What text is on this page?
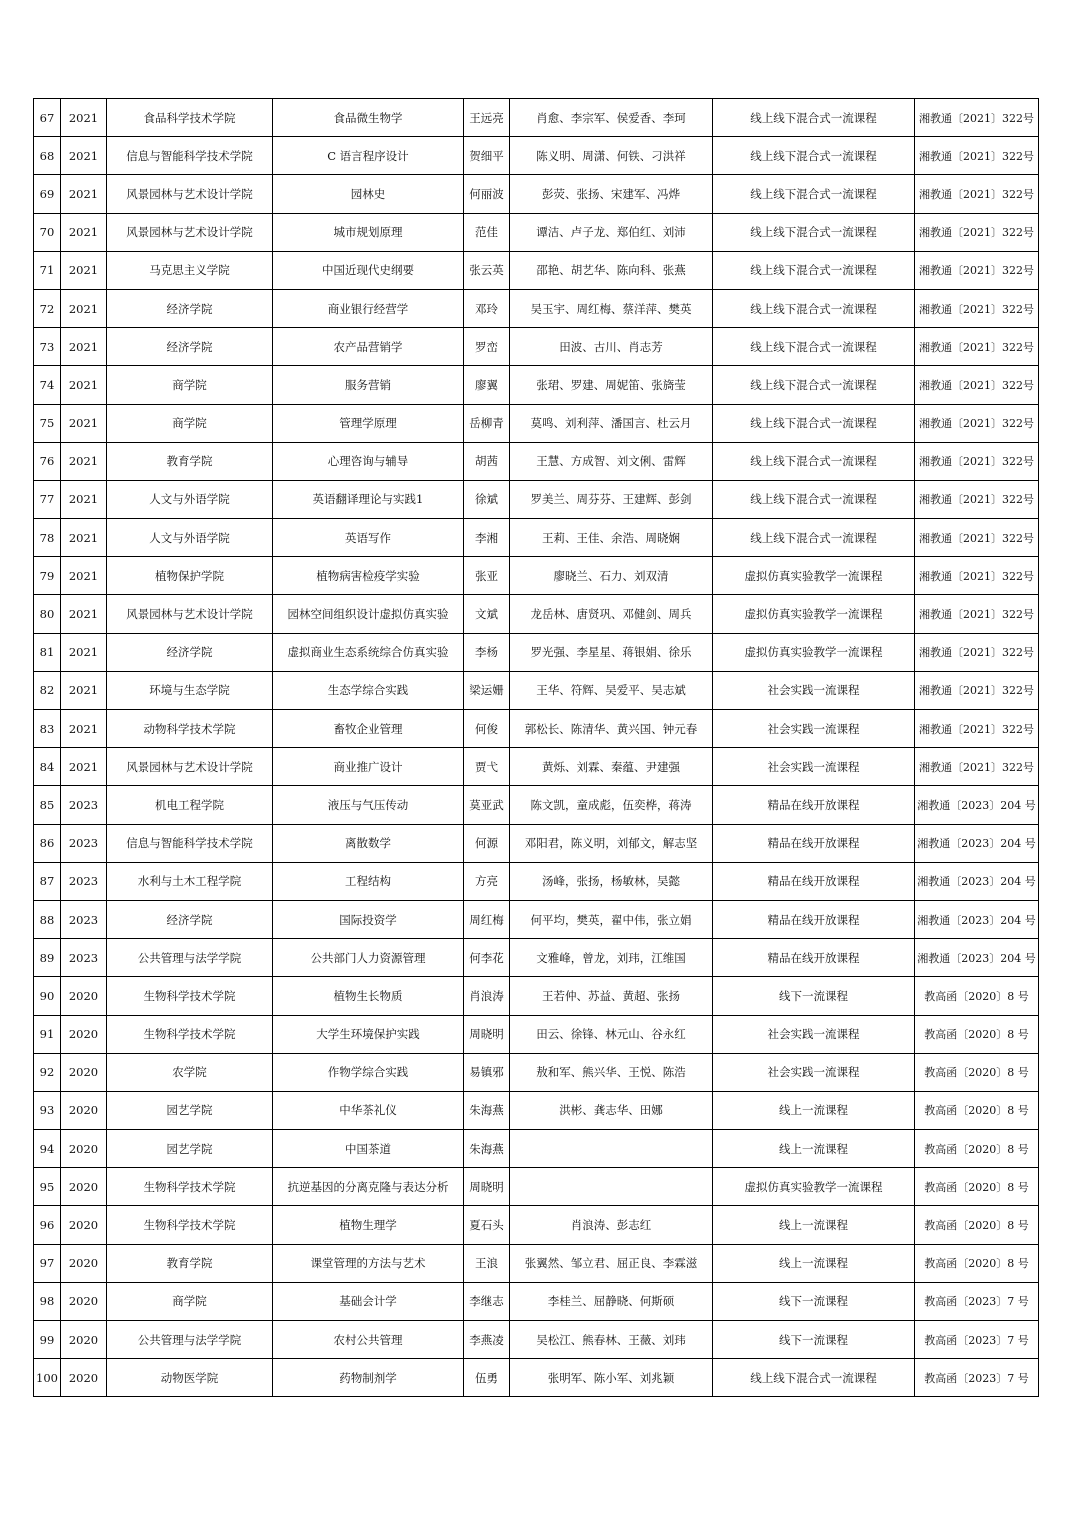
67	2021	食品科学技术学院	食品微生物学	王远亮	肖愈、李宗军、侯爱香、李珂	线上线下混合式一流课程	湘教通〔2021〕322号
68	2021	信息与智能科学技术学院	C 语言程序设计	贺细平	陈义明、周潇、何铁、刁洪祥	线上线下混合式一流课程	湘教通〔2021〕322号
69	2021	风景园林与艺术设计学院	园林史	何丽波	彭荧、张扬、宋建军、冯烨	线上线下混合式一流课程	湘教通〔2021〕322号
70	2021	风景园林与艺术设计学院	城市规划原理	范佳	谭洁、卢子龙、郑伯红、刘沛	线上线下混合式一流课程	湘教通〔2021〕322号
71	2021	马克思主义学院	中国近现代史纲要	张云英	邵艳、胡艺华、陈向科、张燕	线上线下混合式一流课程	湘教通〔2021〕322号
72	2021	经济学院	商业银行经营学	邓玲	吴玉宇、周红梅、蔡洋萍、樊英	线上线下混合式一流课程	湘教通〔2021〕322号
73	2021	经济学院	农产品营销学	罗峦	田波、古川、肖志芳	线上线下混合式一流课程	湘教通〔2021〕322号
74	2021	商学院	服务营销	廖翼	张珺、罗建、周妮笛、张旖莹	线上线下混合式一流课程	湘教通〔2021〕322号
75	2021	商学院	管理学原理	岳柳青	莫鸣、刘利萍、潘国言、杜云月	线上线下混合式一流课程	湘教通〔2021〕322号
76	2021	教育学院	心理咨询与辅导	胡茜	王慧、方成智、刘文俐、雷辉	线上线下混合式一流课程	湘教通〔2021〕322号
77	2021	人文与外语学院	英语翻译理论与实践1	徐斌	罗美兰、周芬芬、王建辉、彭剑	线上线下混合式一流课程	湘教通〔2021〕322号
78	2021	人文与外语学院	英语写作	李湘	王莉、王佳、余浩、周晓娴	线上线下混合式一流课程	湘教通〔2021〕322号
79	2021	植物保护学院	植物病害检疫学实验	张亚	廖晓兰、石力、刘双清	虚拟仿真实验教学一流课程	湘教通〔2021〕322号
80	2021	风景园林与艺术设计学院	园林空间组织设计虚拟仿真实验	文斌	龙岳林、唐贤巩、邓健剑、周兵	虚拟仿真实验教学一流课程	湘教通〔2021〕322号
81	2021	经济学院	虚拟商业生态系统综合仿真实验	李杨	罗光强、李星星、蒋银娟、徐乐	虚拟仿真实验教学一流课程	湘教通〔2021〕322号
82	2021	环境与生态学院	生态学综合实践	梁运姗	王华、符辉、吴爱平、吴志斌	社会实践一流课程	湘教通〔2021〕322号
83	2021	动物科学技术学院	畜牧企业管理	何俊	郭松长、陈清华、黄兴国、钟元春	社会实践一流课程	湘教通〔2021〕322号
84	2021	风景园林与艺术设计学院	商业推广设计	贾弋	黄烁、刘霖、秦蕴、尹建强	社会实践一流课程	湘教通〔2021〕322号
85	2023	机电工程学院	液压与气压传动	莫亚武	陈文凯，童成彪，伍奕桦，蒋涛	精品在线开放课程	湘教通〔2023〕204 号
86	2023	信息与智能科学技术学院	离散数学	何源	邓阳君，陈义明，刘郁文，解志坚	精品在线开放课程	湘教通〔2023〕204 号
87	2023	水利与土木工程学院	工程结构	方亮	汤峰，张扬，杨敏林，吴懿	精品在线开放课程	湘教通〔2023〕204 号
88	2023	经济学院	国际投资学	周红梅	何平均，樊英，翟中伟，张立娟	精品在线开放课程	湘教通〔2023〕204 号
89	2023	公共管理与法学学院	公共部门人力资源管理	何李花	文雅峰，曾龙，刘玮，江维国	精品在线开放课程	湘教通〔2023〕204 号
90	2020	生物科学技术学院	植物生长物质	肖浪涛	王若仲、苏益、黄超、张扬	线下一流课程	教高函〔2020〕8 号
91	2020	生物科学技术学院	大学生环境保护实践	周晓明	田云、徐锋、林元山、谷永红	社会实践一流课程	教高函〔2020〕8 号
92	2020	农学院	作物学综合实践	易镇邪	敖和军、熊兴华、王悦、陈浩	社会实践一流课程	教高函〔2020〕8 号
93	2020	园艺学院	中华茶礼仪	朱海燕	洪彬、龚志华、田娜	线上一流课程	教高函〔2020〕8 号
94	2020	园艺学院	中国茶道	朱海燕		线上一流课程	教高函〔2020〕8 号
95	2020	生物科学技术学院	抗逆基因的分离克隆与表达分析	周晓明		虚拟仿真实验教学一流课程	教高函〔2020〕8 号
96	2020	生物科学技术学院	植物生理学	夏石头	肖浪涛、彭志红	线上一流课程	教高函〔2020〕8 号
97	2020	教育学院	课堂管理的方法与艺术	王浪	张翼然、邹立君、屈正良、李霖滋	线上一流课程	教高函〔2020〕8 号
98	2020	商学院	基础会计学	李继志	李桂兰、屈静晓、何斯硕	线下一流课程	教高函〔2023〕7 号
99	2020	公共管理与法学学院	农村公共管理	李燕凌	吴松江、熊春林、王薇、刘玮	线下一流课程	教高函〔2023〕7 号
100	2020	动物医学院	药物制剂学	伍勇	张明军、陈小军、刘兆颖	线上线下混合式一流课程	教高函〔2023〕7 号
